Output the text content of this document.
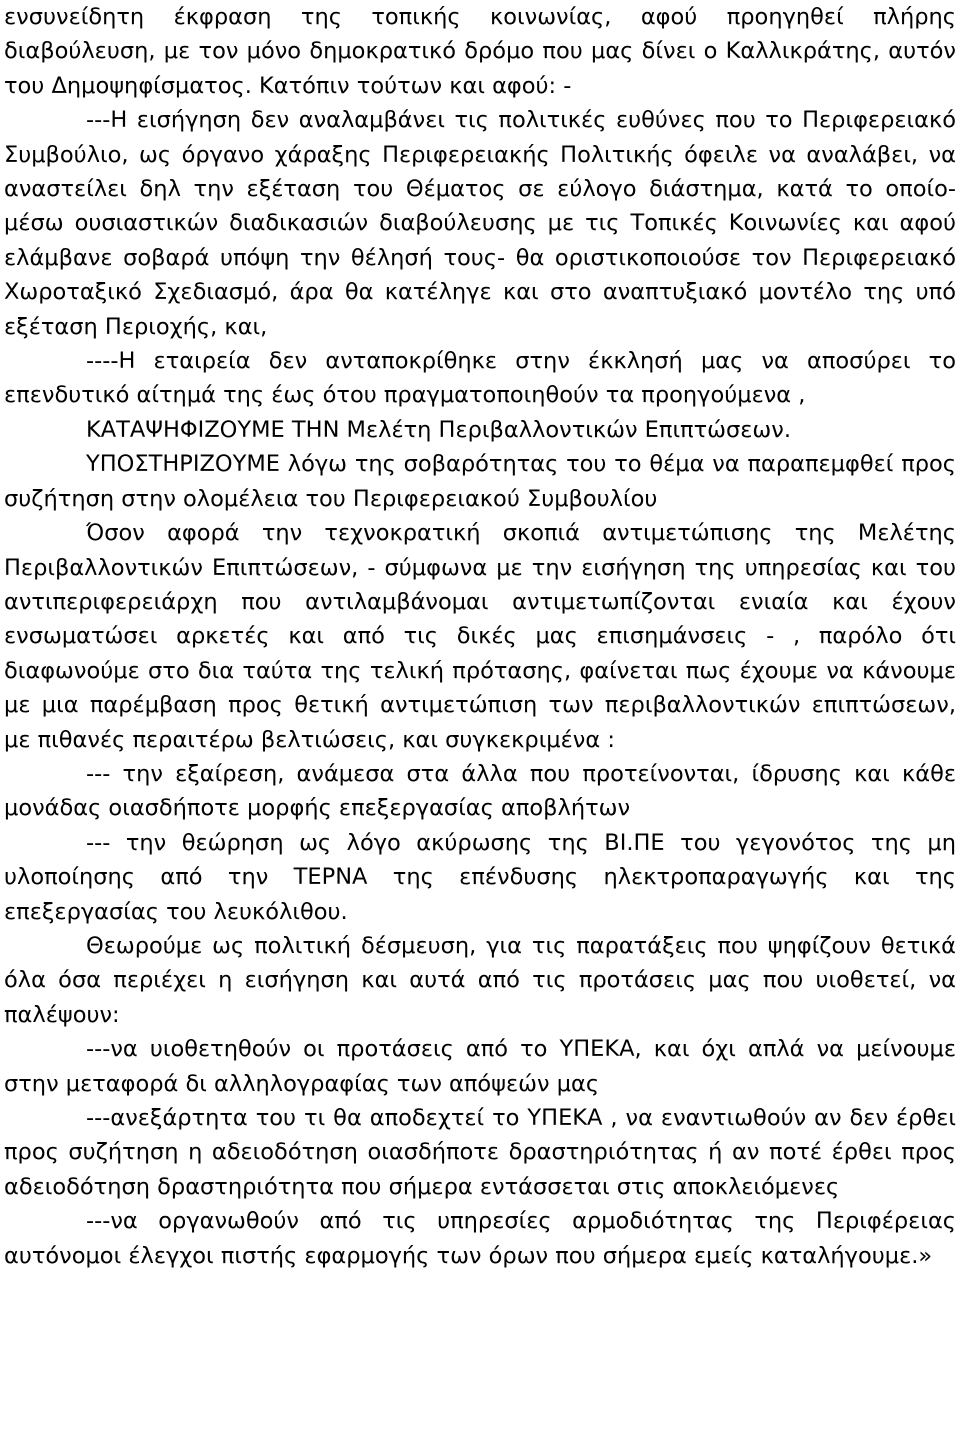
ενσυνείδητη έκφραση της τοπικής κοινωνίας, αφού προηγηθεί πλήρης διαβούλευση, με τον μόνο δημοκρατικό δρόμο που μας δίνει ο Καλλικράτης, αυτόν του Δημοψηφίσματος. Κατόπιν τούτων και αφού: -

---Η εισήγηση δεν αναλαμβάνει τις πολιτικές ευθύνες που το Περιφερειακό Συμβούλιο, ως όργανο χάραξης Περιφερειακής Πολιτικής όφειλε να αναλάβει, να αναστείλει δηλ την εξέταση του Θέματος σε εύλογο διάστημα, κατά το οποίο- μέσω ουσιαστικών διαδικασιών διαβούλευσης με τις Τοπικές Κοινωνίες και αφού ελάμβανε σοβαρά υπόψη την θέλησή τους- θα οριστικοποιούσε τον Περιφερειακό Χωροταξικό Σχεδιασμό, άρα θα κατέληγε και στο αναπτυξιακό μοντέλο της υπό εξέταση Περιοχής, και,

----Η εταιρεία δεν ανταποκρίθηκε στην έκκλησή μας να αποσύρει το επενδυτικό αίτημά της έως ότου πραγματοποιηθούν τα προηγούμενα ,

ΚΑΤΑΨΗΦΙΖΟΥΜΕ ΤΗΝ Μελέτη Περιβαλλοντικών Επιπτώσεων.

ΥΠΟΣΤΗΡΙΖΟΥΜΕ λόγω της σοβαρότητας του το θέμα να παραπεμφθεί προς συζήτηση στην ολομέλεια του Περιφερειακού Συμβουλίου

Όσον αφορά την τεχνοκρατική σκοπιά αντιμετώπισης της Μελέτης Περιβαλλοντικών Επιπτώσεων, - σύμφωνα με την εισήγηση της υπηρεσίας και του αντιπεριφερειάρχη που αντιλαμβάνομαι αντιμετωπίζονται ενιαία και έχουν ενσωματώσει αρκετές και από τις δικές μας επισημάνσεις - , παρόλο ότι διαφωνούμε στο δια ταύτα της τελική πρότασης, φαίνεται πως έχουμε να κάνουμε με μια παρέμβαση προς θετική αντιμετώπιση των περιβαλλοντικών επιπτώσεων, με πιθανές περαιτέρω βελτιώσεις, και συγκεκριμένα :

--- την εξαίρεση, ανάμεσα στα άλλα που προτείνονται, ίδρυσης και κάθε μονάδας οιασδήποτε μορφής επεξεργασίας αποβλήτων

--- την θεώρηση ως λόγο ακύρωσης της ΒΙ.ΠΕ του γεγονότος της μη υλοποίησης από την ΤΕΡΝΑ της επένδυσης ηλεκτροπαραγωγής και της επεξεργασίας του λευκόλιθου.

Θεωρούμε ως πολιτική δέσμευση, για τις παρατάξεις που ψηφίζουν θετικά όλα όσα περιέχει η εισήγηση και αυτά από τις προτάσεις μας που υιοθετεί, να παλέψουν:

---να υιοθετηθούν οι προτάσεις από το ΥΠΕΚΑ, και όχι απλά να μείνουμε στην μεταφορά δι αλληλογραφίας των απόψεών μας

---ανεξάρτητα του τι θα αποδεχτεί το ΥΠΕΚΑ , να εναντιωθούν αν δεν έρθει προς συζήτηση η αδειοδότηση οιασδήποτε δραστηριότητας ή αν ποτέ έρθει προς αδειοδότηση δραστηριότητα που σήμερα εντάσσεται στις αποκλειόμενες

---να οργανωθούν από τις υπηρεσίες αρμοδιότητας της Περιφέρειας αυτόνομοι έλεγχοι πιστής εφαρμογής των όρων που σήμερα εμείς καταλήγουμε.»
